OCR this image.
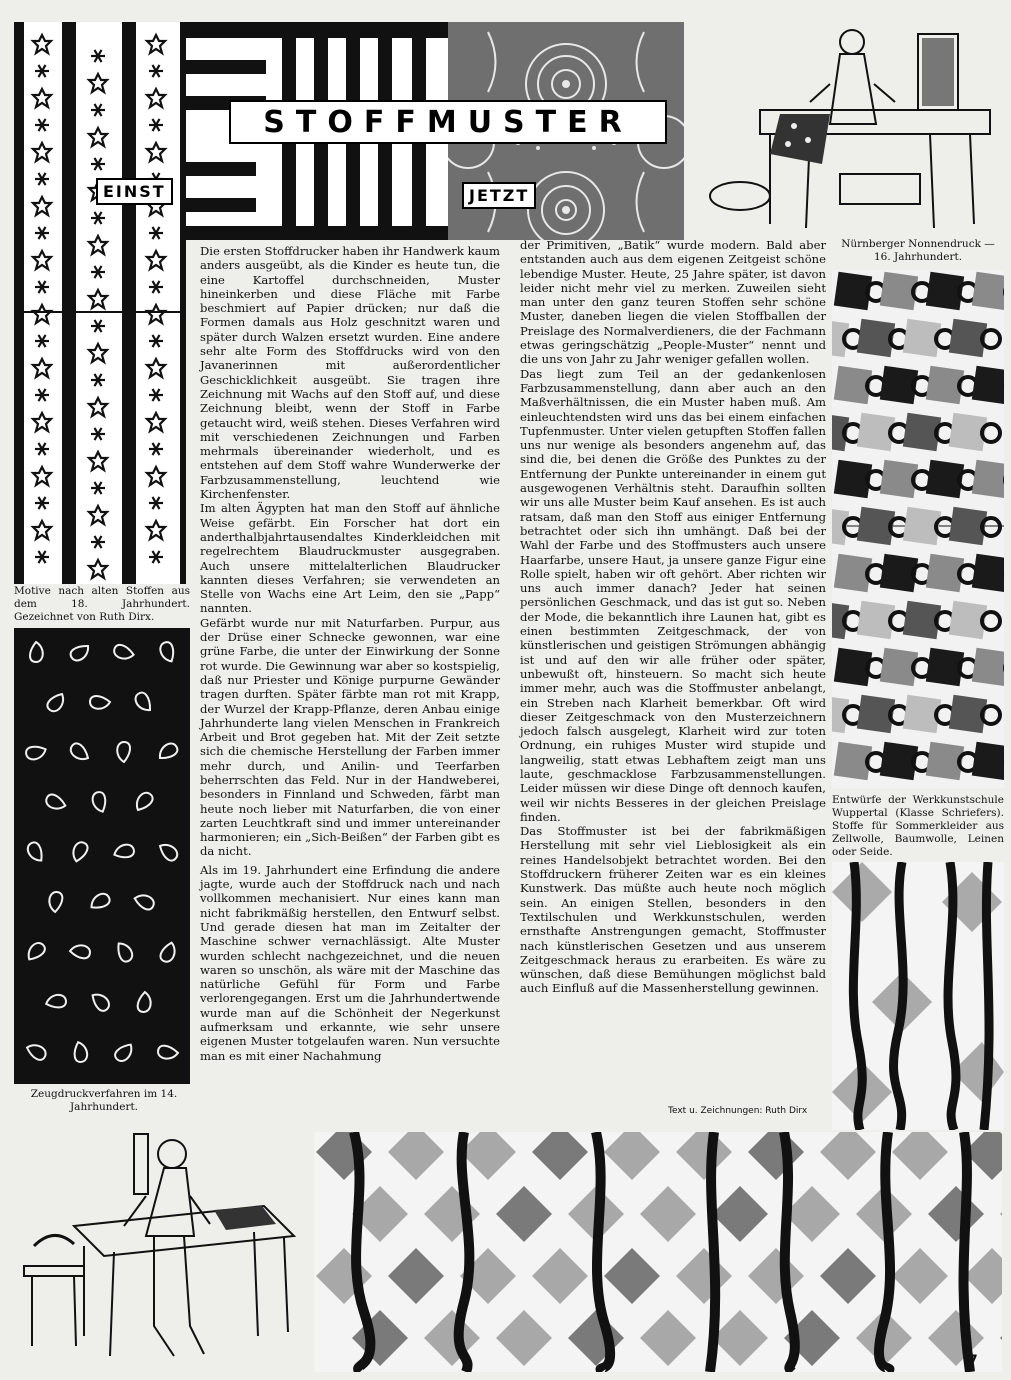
STOFFMUSTER
EINST	JETZT
Nürnberger Nonnendruck — 16. Jahrhundert.
Entwürfe der Werkkunstschule Wuppertal (Klasse Schriefers). Stoffe für Sommerkleider aus Zellwolle, Baumwolle, Leinen oder Seide.
Motive nach alten Stoffen aus dem 18. Jahrhundert. Gezeichnet von Ruth Dirx.
Zeugdruckverfahren im 14. Jahrhundert.

Die ersten Stoffdrucker haben ihr Handwerk kaum anders ausgeübt, als die Kinder es heute tun, die eine Kartoffel durchschneiden, Muster hineinkerben und diese Fläche mit Farbe beschmiert auf Papier drücken; nur daß die Formen damals aus Holz geschnitzt waren und später durch Walzen ersetzt wurden. Eine andere sehr alte Form des Stoffdrucks wird von den Javanerinnen mit außerordentlicher Geschicklichkeit ausgeübt. Sie tragen ihre Zeichnung mit Wachs auf den Stoff auf, und diese Zeichnung bleibt, wenn der Stoff in Farbe getaucht wird, weiß stehen. Dieses Verfahren wird mit verschiedenen Zeichnungen und Farben mehrmals übereinander wiederholt, und es entstehen auf dem Stoff wahre Wunderwerke der Farbzusammenstellung, leuchtend wie Kirchenfenster.

Im alten Ägypten hat man den Stoff auf ähnliche Weise gefärbt. Ein Forscher hat dort ein anderthalbjahrtausendaltes Kinderkleidchen mit regelrechtem Blaudruckmuster ausgegraben. Auch unsere mittelalterlichen Blaudrucker kannten dieses Verfahren; sie verwendeten an Stelle von Wachs eine Art Leim, den sie „Papp“ nannten.

Gefärbt wurde nur mit Naturfarben. Purpur, aus der Drüse einer Schnecke gewonnen, war eine grüne Farbe, die unter der Einwirkung der Sonne rot wurde. Die Gewinnung war aber so kostspielig, daß nur Priester und Könige purpurne Gewänder tragen durften. Später färbte man rot mit Krapp, der Wurzel der Krapp-Pflanze, deren Anbau einige Jahrhunderte lang vielen Menschen in Frankreich Arbeit und Brot gegeben hat. Mit der Zeit setzte sich die chemische Herstellung der Farben immer mehr durch, und Anilin- und Teerfarben beherrschten das Feld. Nur in der Handweberei, besonders in Finnland und Schweden, färbt man heute noch lieber mit Naturfarben, die von einer zarten Leuchtkraft sind und immer untereinander harmonieren; ein „Sich-Beißen“ der Farben gibt es da nicht.

Als im 19. Jahrhundert eine Erfindung die andere jagte, wurde auch der Stoffdruck nach und nach vollkommen mechanisiert. Nur eines kann man nicht fabrikmäßig herstellen, den Entwurf selbst. Und gerade diesen hat man im Zeitalter der Maschine schwer vernachlässigt. Alte Muster wurden schlecht nachgezeichnet, und die neuen waren so unschön, als wäre mit der Maschine das natürliche Gefühl für Form und Farbe verlorengegangen. Erst um die Jahrhundertwende wurde man auf die Schönheit der Negerkunst aufmerksam und erkannte, wie sehr unsere eigenen Muster totgelaufen waren. Nun versuchte man es mit einer Nachahmung

der Primitiven, „Batik“ wurde modern. Bald aber entstanden auch aus dem eigenen Zeitgeist schöne lebendige Muster. Heute, 25 Jahre später, ist davon leider nicht mehr viel zu merken. Zuweilen sieht man unter den ganz teuren Stoffen sehr schöne Muster, daneben liegen die vielen Stoffballen der Preislage des Normalverdieners, die der Fachmann etwas geringschätzig „People-Muster“ nennt und die uns von Jahr zu Jahr weniger gefallen wollen.

Das liegt zum Teil an der gedankenlosen Farbzusammenstellung, dann aber auch an den Maßverhältnissen, die ein Muster haben muß. Am einleuchtendsten wird uns das bei einem einfachen Tupfenmuster. Unter vielen getupften Stoffen fallen uns nur wenige als besonders angenehm auf, das sind die, bei denen die Größe des Punktes zu der Entfernung der Punkte untereinander in einem gut ausgewogenen Verhältnis steht. Daraufhin sollten wir uns alle Muster beim Kauf ansehen. Es ist auch ratsam, daß man den Stoff aus einiger Entfernung betrachtet oder sich ihn umhängt. Daß bei der Wahl der Farbe und des Stoffmusters auch unsere Haarfarbe, unsere Haut, ja unsere ganze Figur eine Rolle spielt, haben wir oft gehört. Aber richten wir uns auch immer danach? Jeder hat seinen persönlichen Geschmack, und das ist gut so. Neben der Mode, die bekanntlich ihre Launen hat, gibt es einen bestimmten Zeitgeschmack, der von künstlerischen und geistigen Strömungen abhängig ist und auf den wir alle früher oder später, unbewußt oft, hinsteuern. So macht sich heute immer mehr, auch was die Stoffmuster anbelangt, ein Streben nach Klarheit bemerkbar. Oft wird dieser Zeitgeschmack von den Musterzeichnern jedoch falsch ausgelegt, Klarheit wird zur toten Ordnung, ein ruhiges Muster wird stupide und langweilig, statt etwas Lebhaftem zeigt man uns laute, geschmacklose Farbzusammenstellungen. Leider müssen wir diese Dinge oft dennoch kaufen, weil wir nichts Besseres in der gleichen Preislage finden.

Das Stoffmuster ist bei der fabrikmäßigen Herstellung mit sehr viel Lieblosigkeit als ein reines Handelsobjekt betrachtet worden. Bei den Stoffdruckern früherer Zeiten war es ein kleines Kunstwerk. Das müßte auch heute noch möglich sein. An einigen Stellen, besonders in den Textilschulen und Werkkunstschulen, werden ernsthafte Anstrengungen gemacht, Stoffmuster nach künstlerischen Gesetzen und aus unserem Zeitgeschmack heraus zu erarbeiten. Es wäre zu wünschen, daß diese Bemühungen möglichst bald auch Einfluß auf die Massenherstellung gewinnen.

Text u. Zeichnungen: Ruth Dirx
7
